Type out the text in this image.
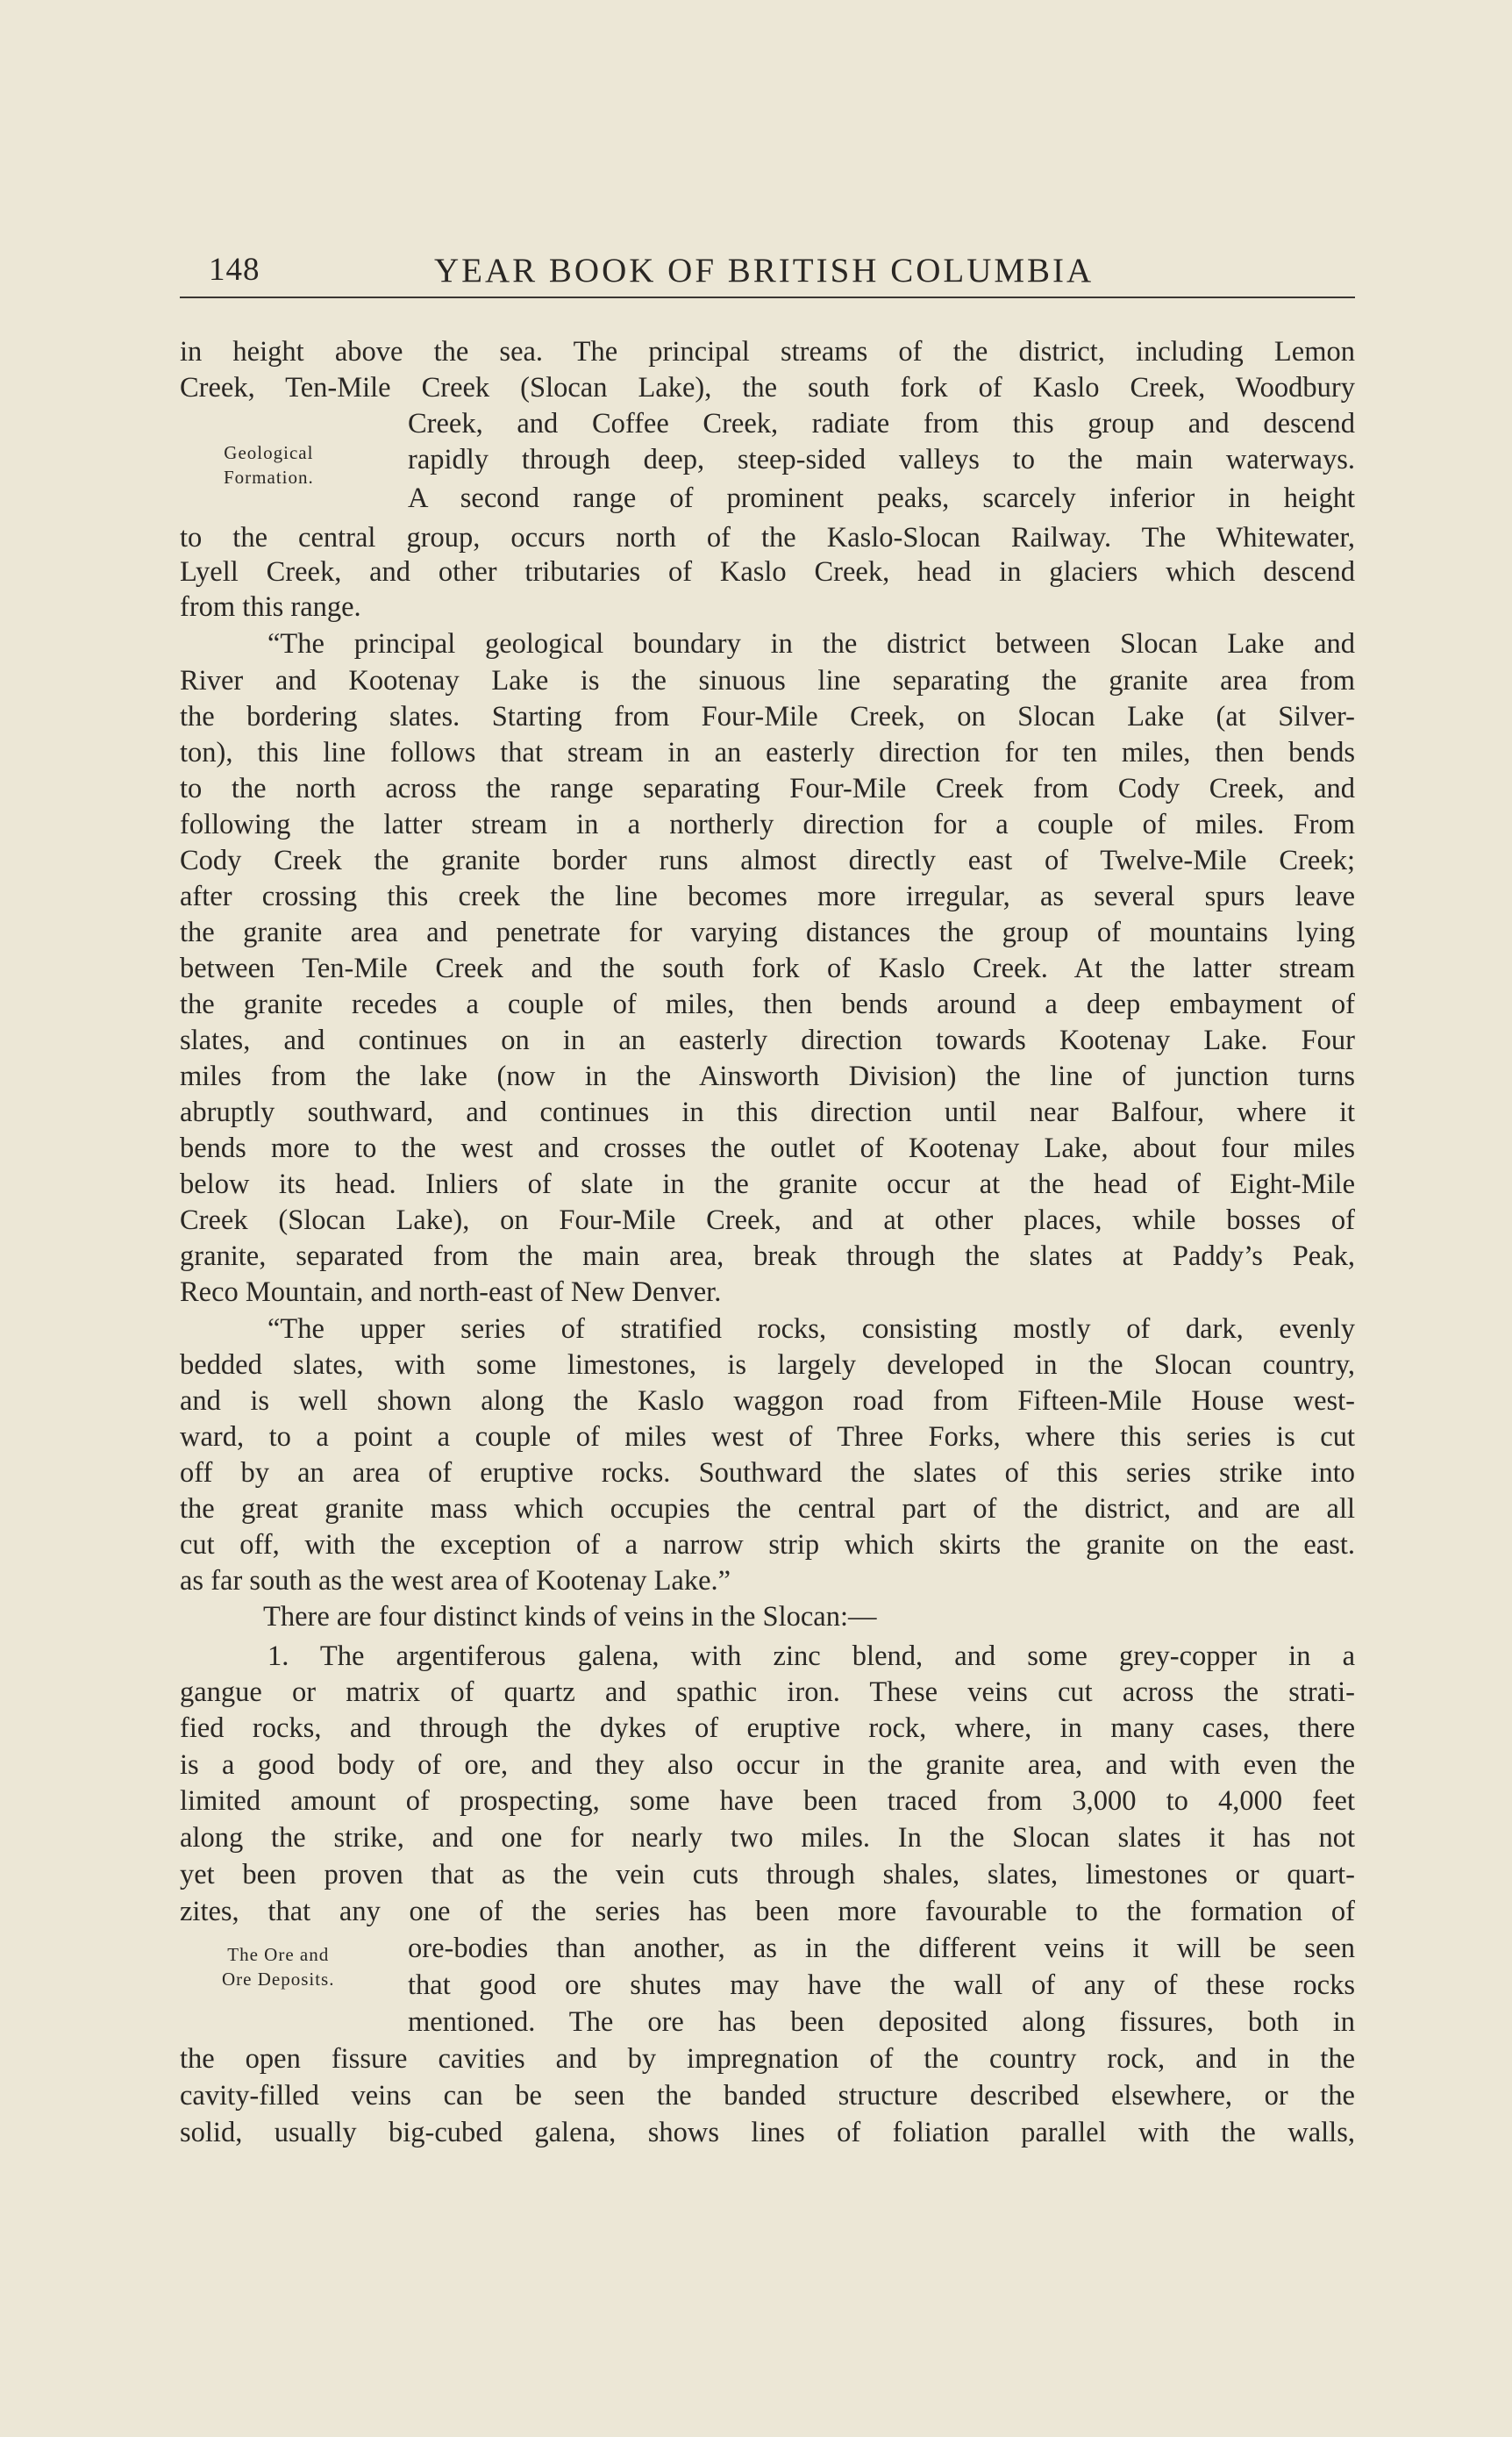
148	YEAR BOOK OF BRITISH COLUMBIA
Geological
Formation.
The Ore and
Ore Deposits.
in height above the sea. The principal streams of the district, including Lemon
Creek, Ten-Mile Creek (Slocan Lake), the south fork of Kaslo Creek, Woodbury
Creek, and Coffee Creek, radiate from this group and descend
rapidly through deep, steep-sided valleys to the main waterways.
A second range of prominent peaks, scarcely inferior in height
to the central group, occurs north of the Kaslo-Slocan Railway. The Whitewater,
Lyell Creek, and other tributaries of Kaslo Creek, head in glaciers which descend
from this range.
“The principal geological boundary in the district between Slocan Lake and
River and Kootenay Lake is the sinuous line separating the granite area from
the bordering slates. Starting from Four-Mile Creek, on Slocan Lake (at Silver-
ton), this line follows that stream in an easterly direction for ten miles, then bends
to the north across the range separating Four-Mile Creek from Cody Creek, and
following the latter stream in a northerly direction for a couple of miles. From
Cody Creek the granite border runs almost directly east of Twelve-Mile Creek;
after crossing this creek the line becomes more irregular, as several spurs leave
the granite area and penetrate for varying distances the group of mountains lying
between Ten-Mile Creek and the south fork of Kaslo Creek. At the latter stream
the granite recedes a couple of miles, then bends around a deep embayment of
slates, and continues on in an easterly direction towards Kootenay Lake. Four
miles from the lake (now in the Ainsworth Division) the line of junction turns
abruptly southward, and continues in this direction until near Balfour, where it
bends more to the west and crosses the outlet of Kootenay Lake, about four miles
below its head. Inliers of slate in the granite occur at the head of Eight-Mile
Creek (Slocan Lake), on Four-Mile Creek, and at other places, while bosses of
granite, separated from the main area, break through the slates at Paddy’s Peak,
Reco Mountain, and north-east of New Denver.
“The upper series of stratified rocks, consisting mostly of dark, evenly
bedded slates, with some limestones, is largely developed in the Slocan country,
and is well shown along the Kaslo waggon road from Fifteen-Mile House west-
ward, to a point a couple of miles west of Three Forks, where this series is cut
off by an area of eruptive rocks. Southward the slates of this series strike into
the great granite mass which occupies the central part of the district, and are all
cut off, with the exception of a narrow strip which skirts the granite on the east.
as far south as the west area of Kootenay Lake.”
There are four distinct kinds of veins in the Slocan:—
1. The argentiferous galena, with zinc blend, and some grey-copper in a
gangue or matrix of quartz and spathic iron. These veins cut across the strati-
fied rocks, and through the dykes of eruptive rock, where, in many cases, there
is a good body of ore, and they also occur in the granite area, and with even the
limited amount of prospecting, some have been traced from 3,000 to 4,000 feet
along the strike, and one for nearly two miles. In the Slocan slates it has not
yet been proven that as the vein cuts through shales, slates, limestones or quart-
zites, that any one of the series has been more favourable to the formation of
ore-bodies than another, as in the different veins it will be seen
that good ore shutes may have the wall of any of these rocks
mentioned. The ore has been deposited along fissures, both in
the open fissure cavities and by impregnation of the country rock, and in the
cavity-filled veins can be seen the banded structure described elsewhere, or the
solid, usually big-cubed galena, shows lines of foliation parallel with the walls,
